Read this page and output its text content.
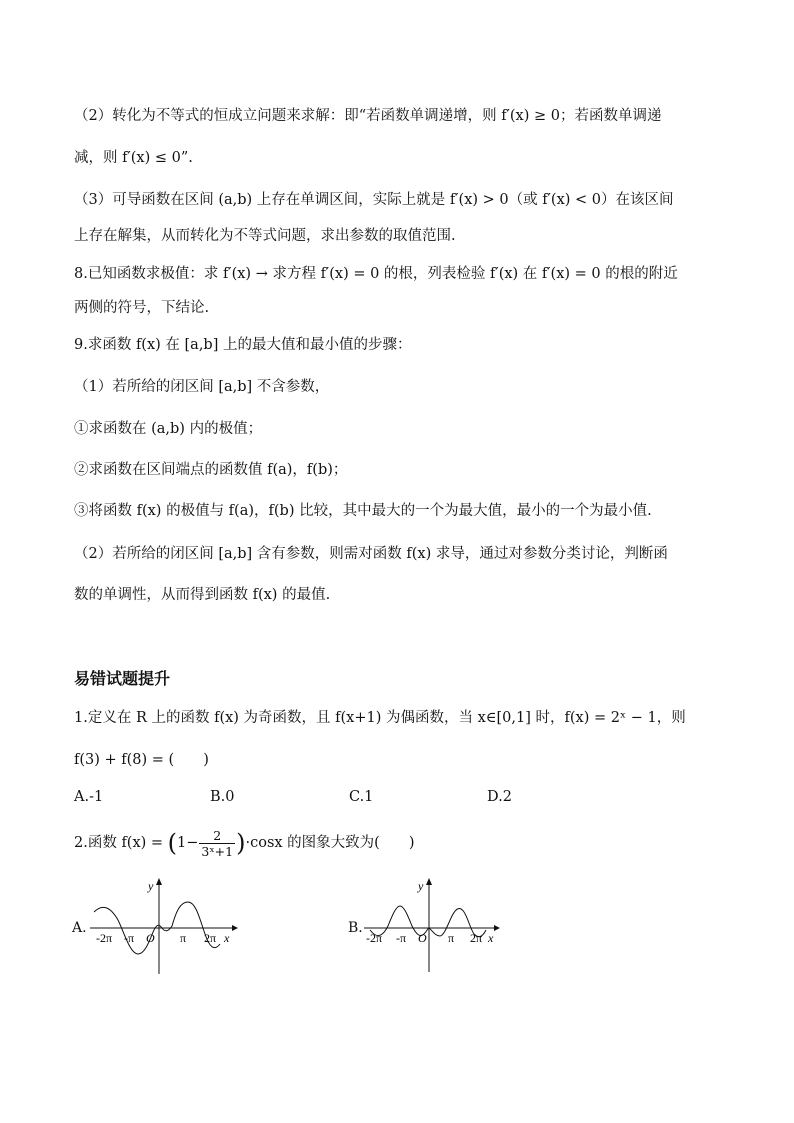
（2）转化为不等式的恒成立问题来求解：即“若函数单调递增，则 f′(x) ≥ 0；若函数单调递
减，则 f′(x) ≤ 0”.
（3）可导函数在区间 (a,b) 上存在单调区间，实际上就是 f′(x) > 0（或 f′(x) < 0）在该区间
上存在解集，从而转化为不等式问题，求出参数的取值范围.
8.已知函数求极值：求 f′(x) → 求方程 f′(x) = 0 的根，列表检验 f′(x) 在 f′(x) = 0 的根的附近
两侧的符号，下结论.
9.求函数 f(x) 在 [a,b] 上的最大值和最小值的步骤：
（1）若所给的闭区间 [a,b] 不含参数，
①求函数在 (a,b) 内的极值；
②求函数在区间端点的函数值 f(a)，f(b)；
③将函数 f(x) 的极值与 f(a)，f(b) 比较，其中最大的一个为最大值，最小的一个为最小值.
（2）若所给的闭区间 [a,b] 含有参数，则需对函数 f(x) 求导，通过对参数分类讨论，判断函
数的单调性，从而得到函数 f(x) 的最值.
易错试题提升
1.定义在 R 上的函数 f(x) 为奇函数，且 f(x+1) 为偶函数，当 x∈[0,1] 时，f(x) = 2ˣ − 1，则
f(3) + f(8) = (　　)
A.-1	B.0	C.1	D.2
2.函数 $f(x) = (1- \frac{2}{\text{3ˣ+1}} )\cdot\cos x$ 的图象大致为(　　)
A.
-2π -π O π 2π x
y
B.
-2π -π O π 2π x
y
